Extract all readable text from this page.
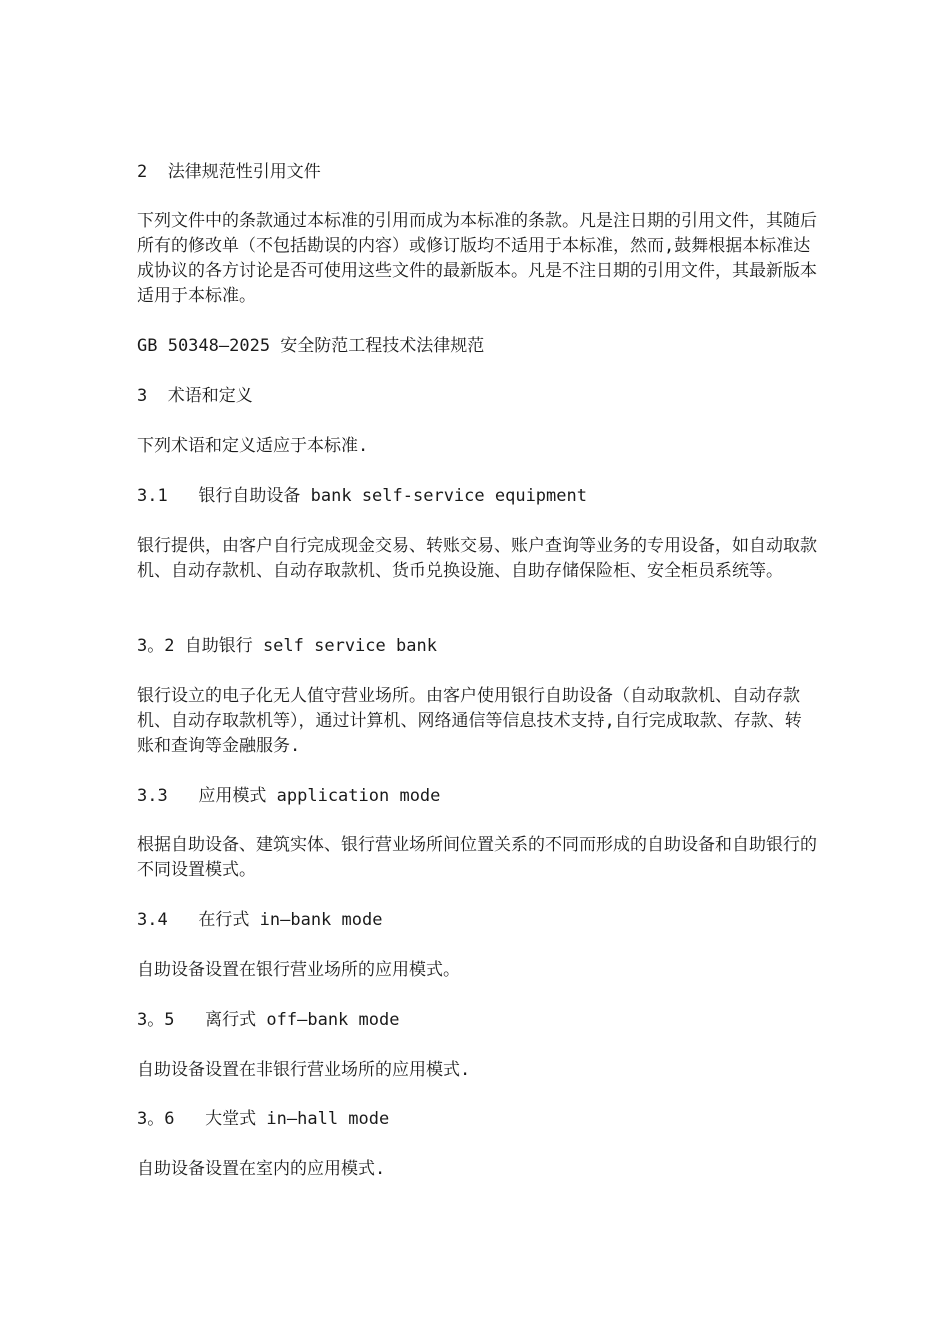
2  法律规范性引用文件
下列文件中的条款通过本标准的引用而成为本标准的条款。凡是注日期的引用文件，其随后所有的修改单（不包括勘误的内容）或修订版均不适用于本标准，然而,鼓舞根据本标准达成协议的各方讨论是否可使用这些文件的最新版本。凡是不注日期的引用文件，其最新版本适用于本标准。
GB 50348—2025 安全防范工程技术法律规范
3  术语和定义
下列术语和定义适应于本标准.
3.1   银行自助设备 bank self-service equipment
银行提供，由客户自行完成现金交易、转账交易、账户查询等业务的专用设备，如自动取款机、自动存款机、自动存取款机、货币兑换设施、自助存储保险柜、安全柜员系统等。
3。2 自助银行 self service bank
银行设立的电子化无人值守营业场所。由客户使用银行自助设备（自动取款机、自动存款机、自动存取款机等），通过计算机、网络通信等信息技术支持,自行完成取款、存款、转账和查询等金融服务.
3.3   应用模式 application mode
根据自助设备、建筑实体、银行营业场所间位置关系的不同而形成的自助设备和自助银行的不同设置模式。
3.4   在行式 in—bank mode
自助设备设置在银行营业场所的应用模式。
3。5   离行式 off—bank mode
自助设备设置在非银行营业场所的应用模式.
3。6   大堂式 in—hall mode
自助设备设置在室内的应用模式.
